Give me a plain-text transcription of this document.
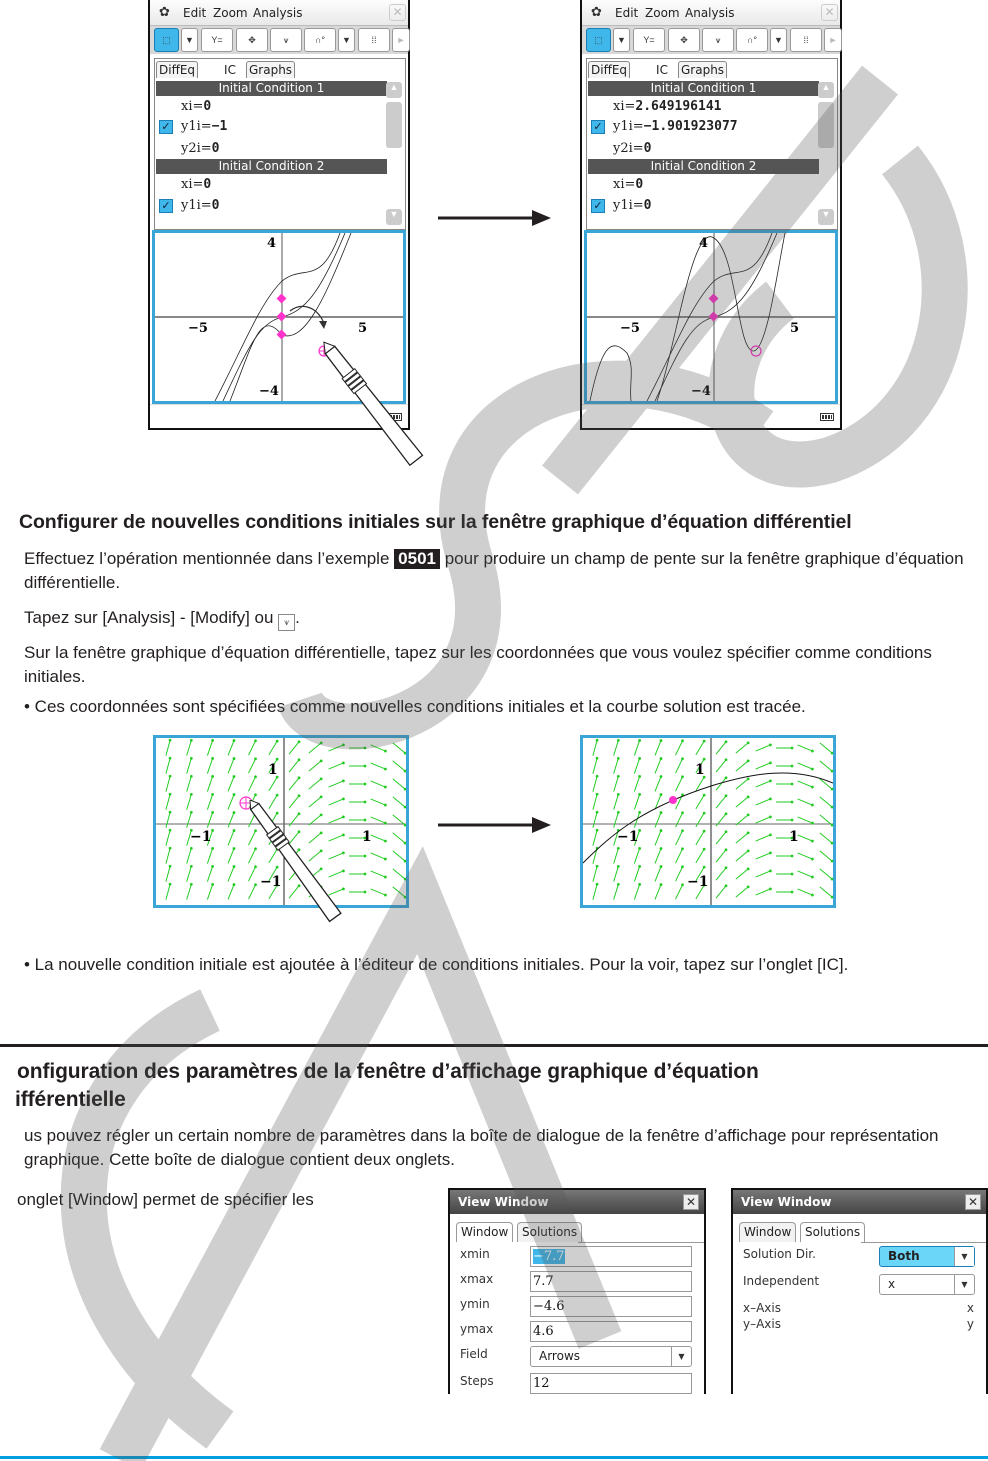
✿ Edit Zoom Analysis	✕
⬚	▼	Y=	✥	⩛	∩°	▼	⁞⁞	►
DiffEq	IC	Graphs
Initial Condition 1
xi=0
✓ y1i=−1
y2i=0
Initial Condition 2
xi=0
✓ y1i=0
▲
▼
4
−4
−5	5
✿ Edit Zoom Analysis	✕
⬚	▼	Y=	✥	⩛	∩°	▼	⁞⁞	►
DiffEq	IC	Graphs
Initial Condition 1
xi=2.649196141
✓ y1i=−1.901923077
y2i=0
Initial Condition 2
xi=0
✓ y1i=0
▲
▼
4
−4
−5	5
Configurer de nouvelles conditions initiales sur la fenêtre graphique d’équation différentiel
Effectuez l’opération mentionnée dans l’exemple 0501 pour produire un champ de pente sur la fenêtre graphique d’équation différentielle.
Tapez sur [Analysis] - [Modify] ou ⩛ .
Sur la fenêtre graphique d’équation différentielle, tapez sur les coordonnées que vous voulez spécifier comme conditions initiales.
• Ces coordonnées sont spécifiées comme nouvelles conditions initiales et la courbe solution est tracée.
1
−1
−1	1
1
−1
−1	1
• La nouvelle condition initiale est ajoutée à l’éditeur de conditions initiales. Pour la voir, tapez sur l’onglet [IC].
onfiguration des paramètres de la fenêtre d’affichage graphique d’équation
ifférentielle
us pouvez régler un certain nombre de paramètres dans la boîte de dialogue de la fenêtre d’affichage pour représentation graphique. Cette boîte de dialogue contient deux onglets.
onglet [Window] permet de spécifier les	View Window	✕
Window	Solutions
xmin	−7.7
xmax	7.7
ymin	−4.6
ymax	4.6
Field	Arrows	▼
Steps	12
View Window	✕
Window	Solutions
Solution Dir.	Both	▼
Independent	x	▼
x–Axis	x
y–Axis	y
